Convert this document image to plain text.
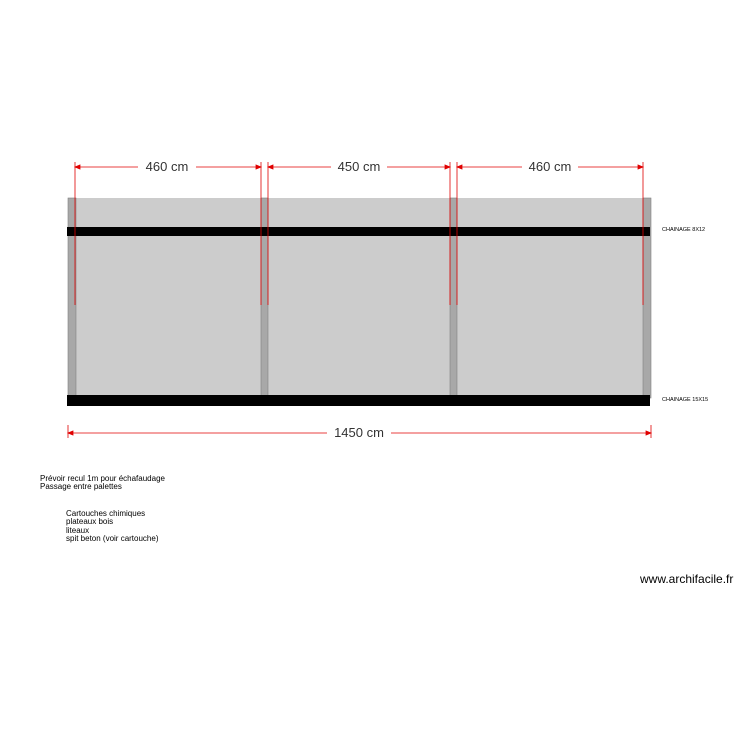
460 cm	450 cm	460 cm
1450 cm
CHAINAGE 8X12
CHAINAGE 15X15
Prévoir recul 1m pour échafaudage
Passage entre palettes
Cartouches chimiques
plateaux bois
liteaux
spit beton (voir cartouche)
www.archifacile.fr
